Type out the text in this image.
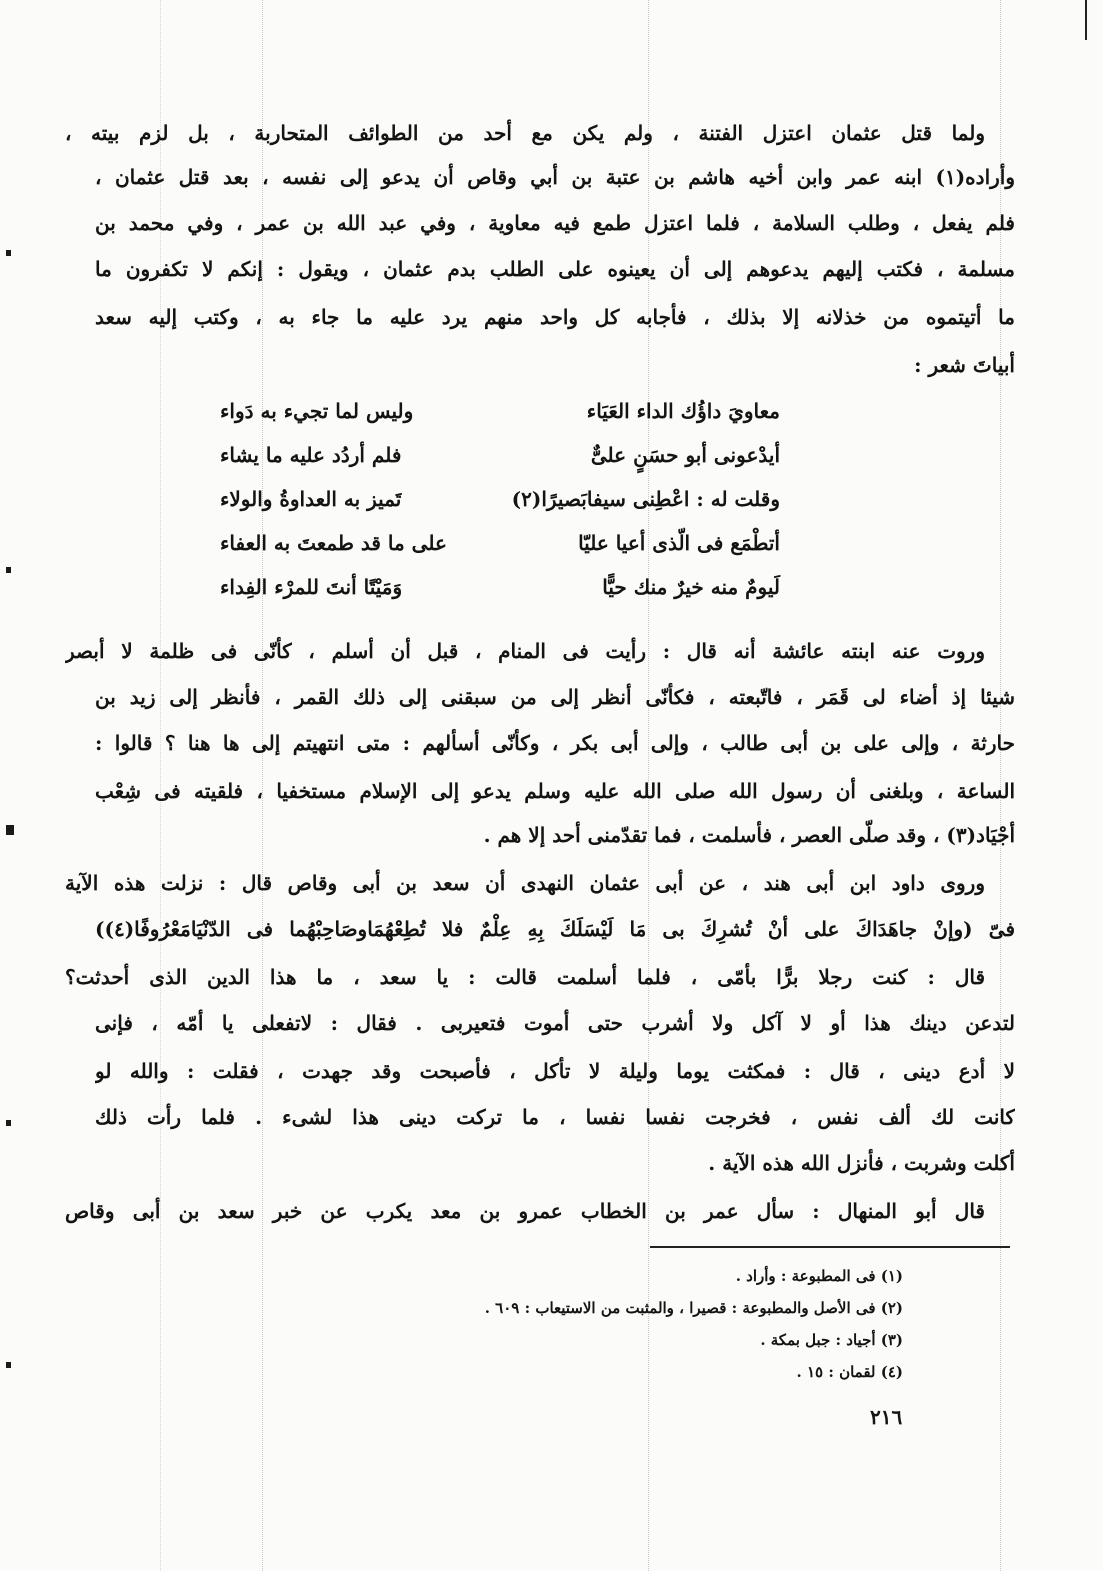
ولما قتل عثمان اعتزل الفتنة ، ولم يكن مع أحد من الطوائف المتحاربة ، بل لزم بيته ،
وأراده(١) ابنه عمر وابن أخيه هاشم بن عتبة بن أبي وقاص أن يدعو إلى نفسه ، بعد قتل عثمان ،
فلم يفعل ، وطلب السلامة ، فلما اعتزل طمع فيه معاوية ، وفي عبد الله بن عمر ، وفي محمد بن
مسلمة ، فكتب إليهم يدعوهم إلى أن يعينوه على الطلب بدم عثمان ، ويقول : إنكم لا تكفرون ما
ما أتيتموه من خذلانه إلا بذلك ، فأجابه كل واحد منهم يرد عليه ما جاء به ، وكتب إليه سعد
أبياتَ شعر :
معاويَ داؤُك الداء العَيَاء
وليس لما تجيء به دَواء
أيدْعونى أبو حسَنٍ علىٌّ
فلم أردُد عليه ما يشاء
وقلت له : اعْطِنى سيفابَصيرًا(٢)
تَميز به العداوةُ والولاء
أتطْمَع فى الّذى أعيا عليّا
على ما قد طمعتَ به العفاء
لَيومٌ منه خيرٌ منك حيًّا
وَمَيْتًا أنتَ للمرْء الفِداء
وروت عنه ابنته عائشة أنه قال : رأيت فى المنام ، قبل أن أسلم ، كأنّى فى ظلمة لا أبصر
شيئا إذ أضاء لى قَمَر ، فاتّبعته ، فكأنّى أنظر إلى من سبقنى إلى ذلك القمر ، فأنظر إلى زيد بن
حارثة ، وإلى على بن أبى طالب ، وإلى أبى بكر ، وكأنّى أسألهم : متى انتهيتم إلى ها هنا ؟ قالوا :
الساعة ، وبلغنى أن رسول الله صلى الله عليه وسلم يدعو إلى الإسلام مستخفيا ، فلقيته فى شِعْب
أجْيَاد(٣) ، وقد صلّى العصر ، فأسلمت ، فما تقدّمنى أحد إلا هم .
وروى داود ابن أبى هند ، عن أبى عثمان النهدى أن سعد بن أبى وقاص قال : نزلت هذه الآية
فىّ (وإنْ جاهَدَاكَ على أنْ تُشرِكَ بى مَا لَيْسَلَكَ بِهِ عِلْمٌ فلا تُطِعْهُمَاوصَاحِبْهُما فى الدّنْيَامَعْرُوفًا(٤))
قال : كنت رجلا برًّا بأمّى ، فلما أسلمت قالت : يا سعد ، ما هذا الدين الذى أحدثت؟
لتدعن دينك هذا أو لا آكل ولا أشرب حتى أموت فتعيربى . فقال : لاتفعلى يا أمّه ، فإنى
لا أدع دينى ، قال : فمكثت يوما وليلة لا تأكل ، فأصبحت وقد جهدت ، فقلت : والله لو
كانت لك ألف نفس ، فخرجت نفسا نفسا ، ما تركت دينى هذا لشىء . فلما رأت ذلك
أكلت وشربت ، فأنزل الله هذه الآية .
قال أبو المنهال : سأل عمر بن الخطاب عمرو بن معد يكرب عن خبر سعد بن أبى وقاص
(١) فى المطبوعة : وأراد .
(٢) فى الأصل والمطبوعة : قصيرا ، والمثبت من الاستيعاب : ٦٠٩ .
(٣) أجياد : جبل بمكة .
(٤) لقمان : ١٥ .
٢١٦
